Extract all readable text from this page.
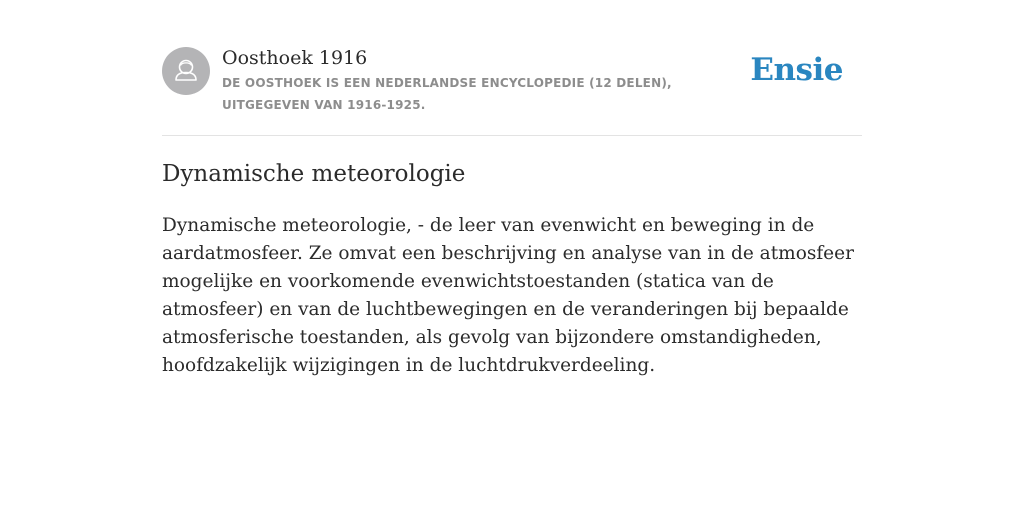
Oosthoek 1916
DE OOSTHOEK IS EEN NEDERLANDSE ENCYCLOPEDIE (12 DELEN), UITGEGEVEN VAN 1916-1925.
Ensie
Dynamische meteorologie

Dynamische meteorologie, - de leer van evenwicht en beweging in de aardatmosfeer. Ze omvat een beschrijving en analyse van in de atmosfeer mogelijke en voorkomende evenwichtstoestanden (statica van de atmosfeer) en van de luchtbewegingen en de veranderingen bij bepaalde atmosferische toestanden, als gevolg van bijzondere omstandigheden, hoofdzakelijk wijzigingen in de luchtdrukverdeeling.
